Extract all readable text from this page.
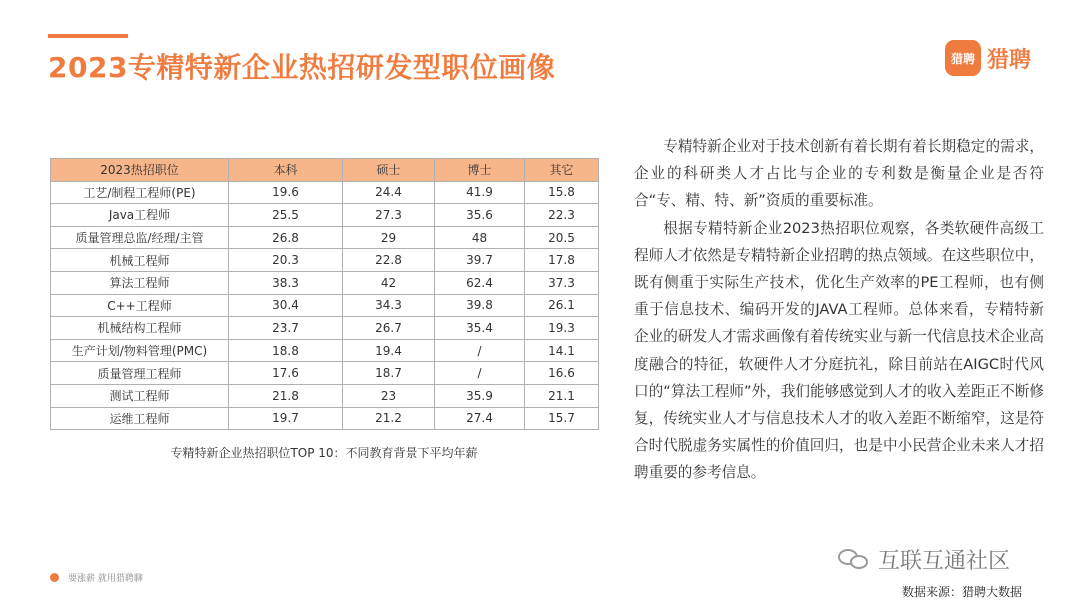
2023专精特新企业热招研发型职位画像	猎聘 猎聘
2023热招职位	本科	硕士	博士	其它
工艺/制程工程师(PE)	19.6	24.4	41.9	15.8
Java工程师	25.5	27.3	35.6	22.3
质量管理总监/经理/主管	26.8	29	48	20.5
机械工程师	20.3	22.8	39.7	17.8
算法工程师	38.3	42	62.4	37.3
C++工程师	30.4	34.3	39.8	26.1
机械结构工程师	23.7	26.7	35.4	19.3
生产计划/物料管理(PMC)	18.8	19.4	/	14.1
质量管理工程师	17.6	18.7	/	16.6
测试工程师	21.8	23	35.9	21.1
运维工程师	19.7	21.2	27.4	15.7
专精特新企业热招职位TOP 10：不同教育背景下平均年薪

专精特新企业对于技术创新有着长期有着长期稳定的需求，企业的科研类人才占比与企业的专利数是衡量企业是否符合“专、精、特、新”资质的重要标准。

根据专精特新企业2023热招职位观察，各类软硬件高级工程师人才依然是专精特新企业招聘的热点领域。在这些职位中，既有侧重于实际生产技术，优化生产效率的PE工程师，也有侧重于信息技术、编码开发的JAVA工程师。总体来看，专精特新企业的研发人才需求画像有着传统实业与新一代信息技术企业高度融合的特征，软硬件人才分庭抗礼，除目前站在AIGC时代风口的“算法工程师”外，我们能够感觉到人才的收入差距正不断修复，传统实业人才与信息技术人才的收入差距不断缩窄，这是符合时代脱虚务实属性的价值回归，也是中小民营企业未来人才招聘重要的参考信息。

要涨薪 就用猎聘聊
互联互通社区
数据来源：猎聘大数据
